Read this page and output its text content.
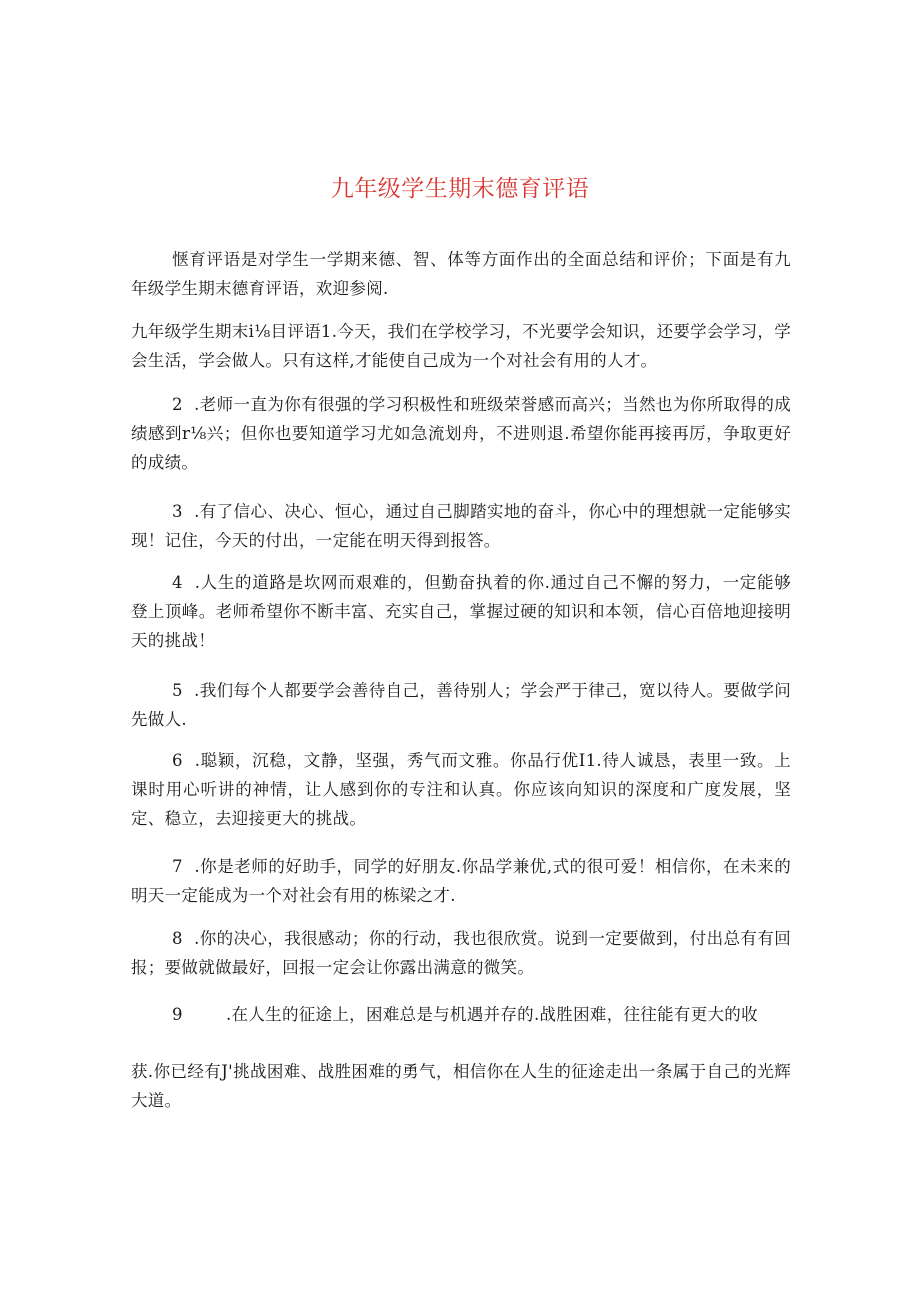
九年级学生期末德育评语

惬育评语是对学生一学期来德、智、体等方面作出的全面总结和评价；下面是有九年级学生期末德育评语，欢迎参阅.

九年级学生期末i⅛目评语1.今天，我们在学校学习，不光要学会知识，还要学会学习，学会生活，学会做人。只有这样,才能使自己成为一个对社会有用的人才。

2 .老师一直为你有很强的学习积极性和班级荣誉感而高兴；当然也为你所取得的成绩感到r⅛兴；但你也要知道学习尤如急流划舟，不进则退.希望你能再接再厉，争取更好的成绩。

3 .有了信心、决心、恒心，通过自己脚踏实地的奋斗，你心中的理想就一定能够实现！记住，今天的付出，一定能在明天得到报答。

4 .人生的道路是坎网而艰难的，但勤奋执着的你.通过自己不懈的努力，一定能够登上顶峰。老师希望你不断丰富、充实自己，掌握过硬的知识和本领，信心百倍地迎接明天的挑战！

5 .我们每个人都要学会善待自己，善待别人；学会严于律己，宽以待人。要做学问先做人.

6 .聪颖，沉稳，文静，坚强，秀气而文雅。你品行优I1.待人诚恳，表里一致。上课时用心听讲的神情，让人感到你的专注和认真。你应该向知识的深度和广度发展，坚定、稳立，去迎接更大的挑战。

7 .你是老师的好助手，同学的好朋友.你品学兼优,式的很可爱！相信你，在未来的明天一定能成为一个对社会有用的栋梁之才.

8 .你的决心，我很感动；你的行动，我也很欣赏。说到一定要做到，付出总有有回报；要做就做最好，回报一定会让你露出满意的微笑。

9	.在人生的征途上，困难总是与机遇并存的.战胜困难，往往能有更大的收

获.你已经有J'挑战困难、战胜困难的勇气，相信你在人生的征途走出一条属于自己的光辉大道。
